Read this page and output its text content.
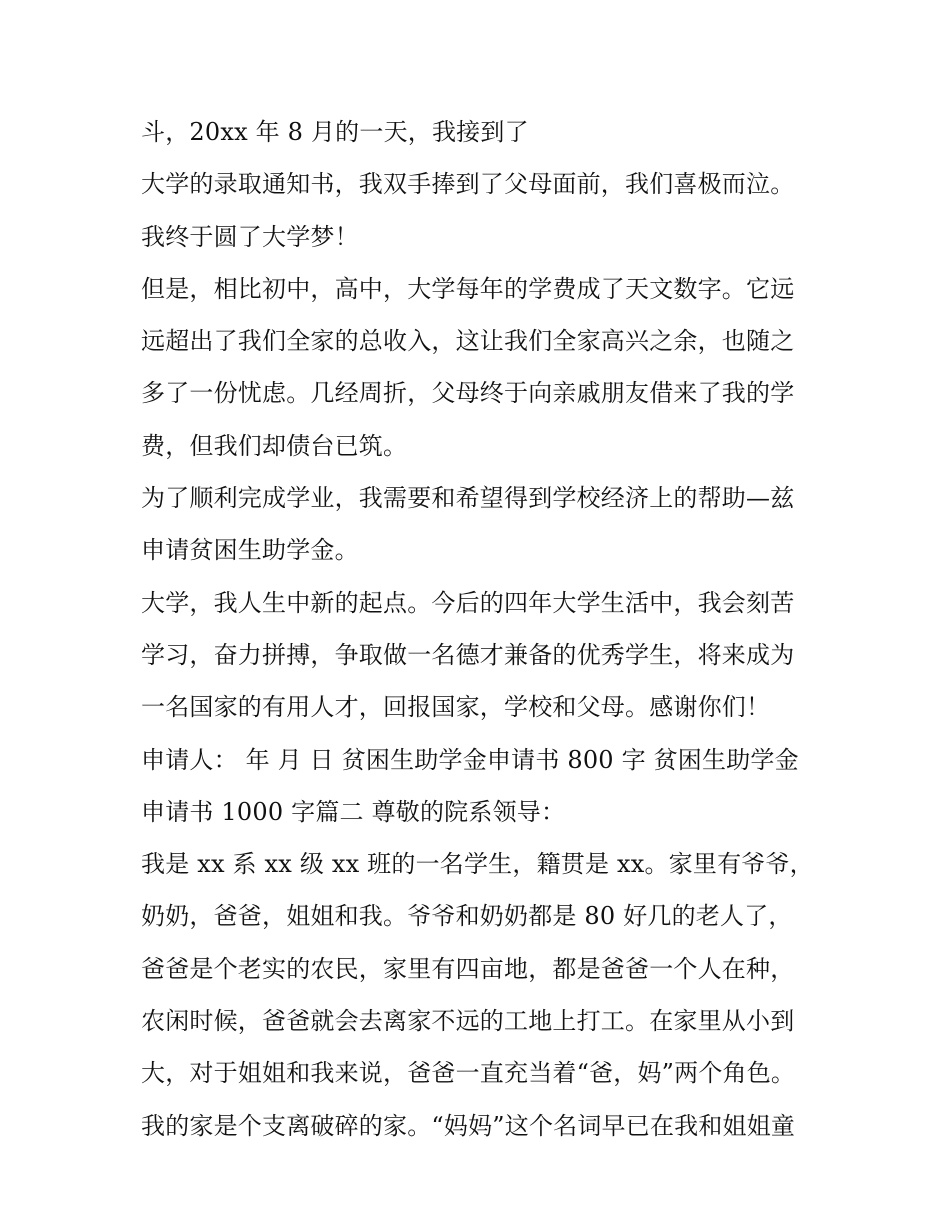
斗，20xx 年 8 月的一天，我接到了
大学的录取通知书，我双手捧到了父母面前，我们喜极而泣。
我终于圆了大学梦！
但是，相比初中，高中，大学每年的学费成了天文数字。它远
远超出了我们全家的总收入，这让我们全家高兴之余，也随之
多了一份忧虑。几经周折，父母终于向亲戚朋友借来了我的学
费，但我们却债台已筑。
为了顺利完成学业，我需要和希望得到学校经济上的帮助—兹
申请贫困生助学金。
大学，我人生中新的起点。今后的四年大学生活中，我会刻苦
学习，奋力拼搏，争取做一名德才兼备的优秀学生，将来成为
一名国家的有用人才，回报国家，学校和父母。感谢你们！
申请人： 年 月 日 贫困生助学金申请书 800 字 贫困生助学金
申请书 1000 字篇二 尊敬的院系领导：
我是 xx 系 xx 级 xx 班的一名学生，籍贯是 xx。家里有爷爷，
奶奶，爸爸，姐姐和我。爷爷和奶奶都是 80 好几的老人了，
爸爸是个老实的农民，家里有四亩地，都是爸爸一个人在种，
农闲时候，爸爸就会去离家不远的工地上打工。在家里从小到
大，对于姐姐和我来说，爸爸一直充当着“爸，妈”两个角色。
我的家是个支离破碎的家。“妈妈”这个名词早已在我和姐姐童
